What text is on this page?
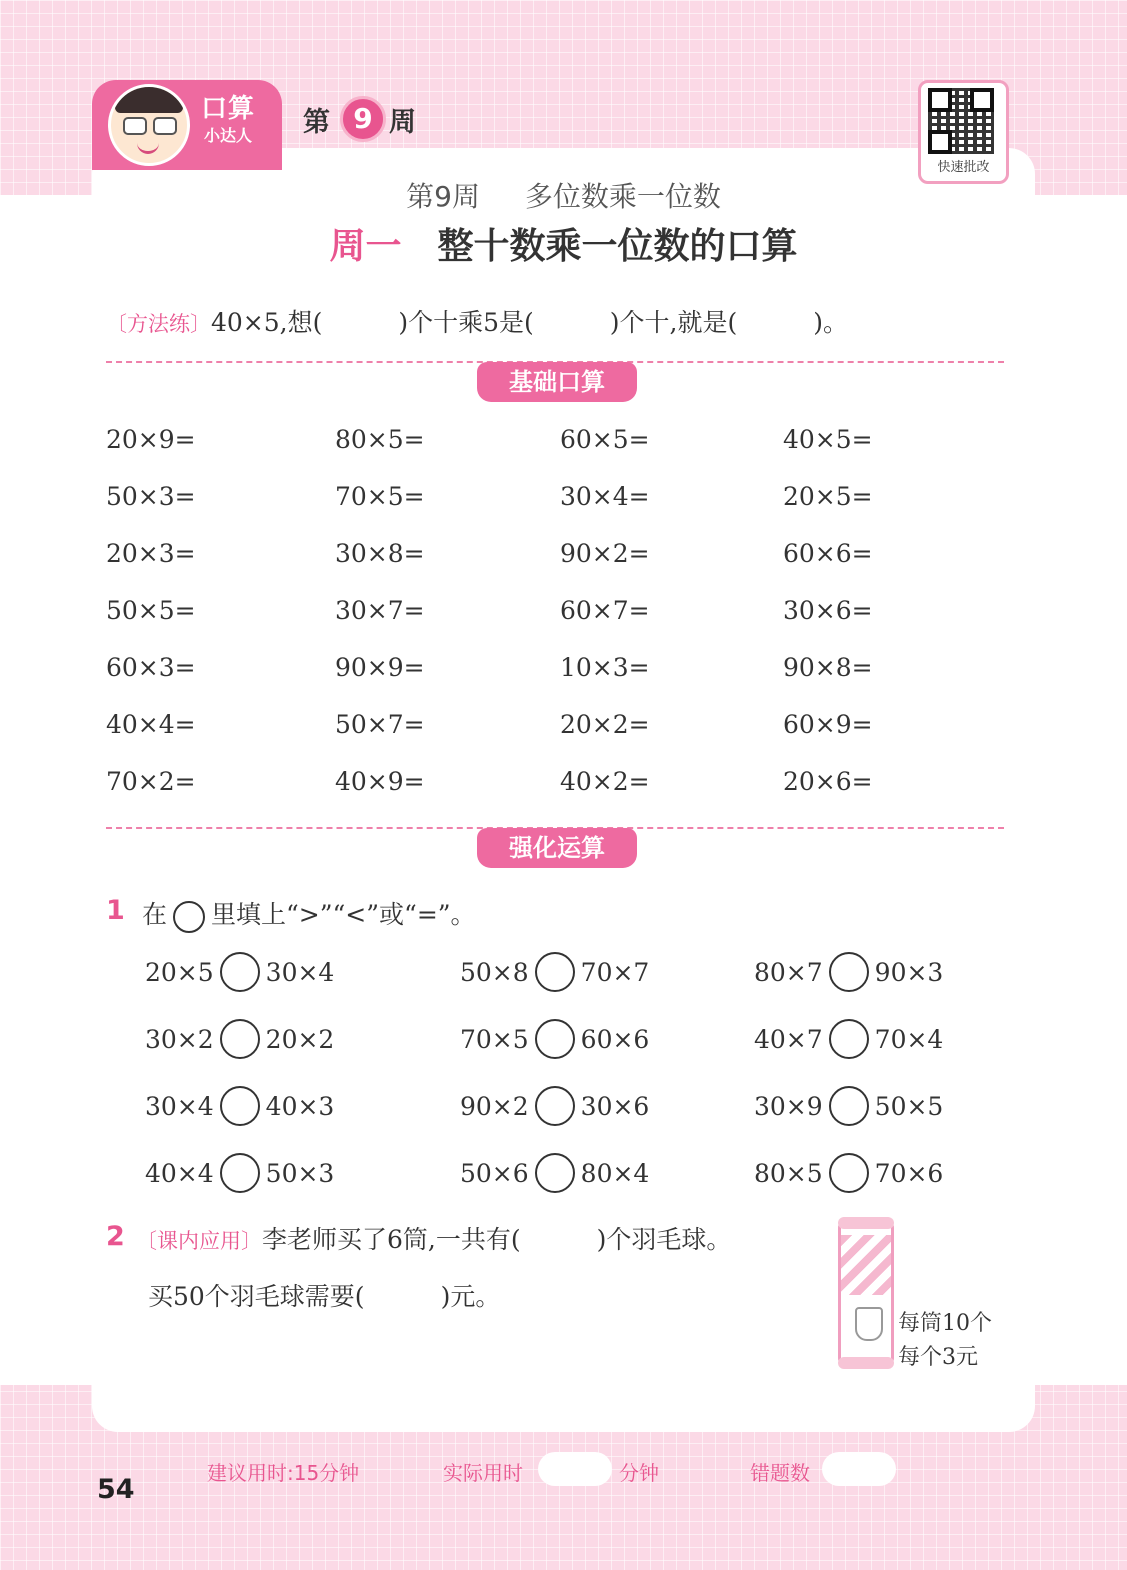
口算
小达人 第 9 周
快速批改
第9周 多位数乘一位数
周一 整十数乘一位数的口算
〔方法练〕40×5,想(	)个十乘5是(	)个十,就是(	)。
基础口算
20×9=	80×5=	60×5=	40×5=
50×3=	70×5=	30×4=	20×5=
20×3=	30×8=	90×2=	60×6=
50×5=	30×7=	60×7=	30×6=
60×3=	90×9=	10×3=	90×8=
40×4=	50×7=	20×2=	60×9=
70×2=	40×9=	40×2=	20×6=
强化运算
1 在 里填上“>”“<”或“=”。
20×5 30×4	50×8 70×7	80×7 90×3
30×2 20×2	70×5 60×6	40×7 70×4
30×4 40×3	90×2 30×6	30×9 50×5
40×4 50×3	50×6 80×4	80×5 70×6
2 〔课内应用〕李老师买了6筒,一共有(	)个羽毛球。
买50个羽毛球需要(	)元。
每筒10个
每个3元
建议用时:15分钟	实际用时	分钟	错题数
54
